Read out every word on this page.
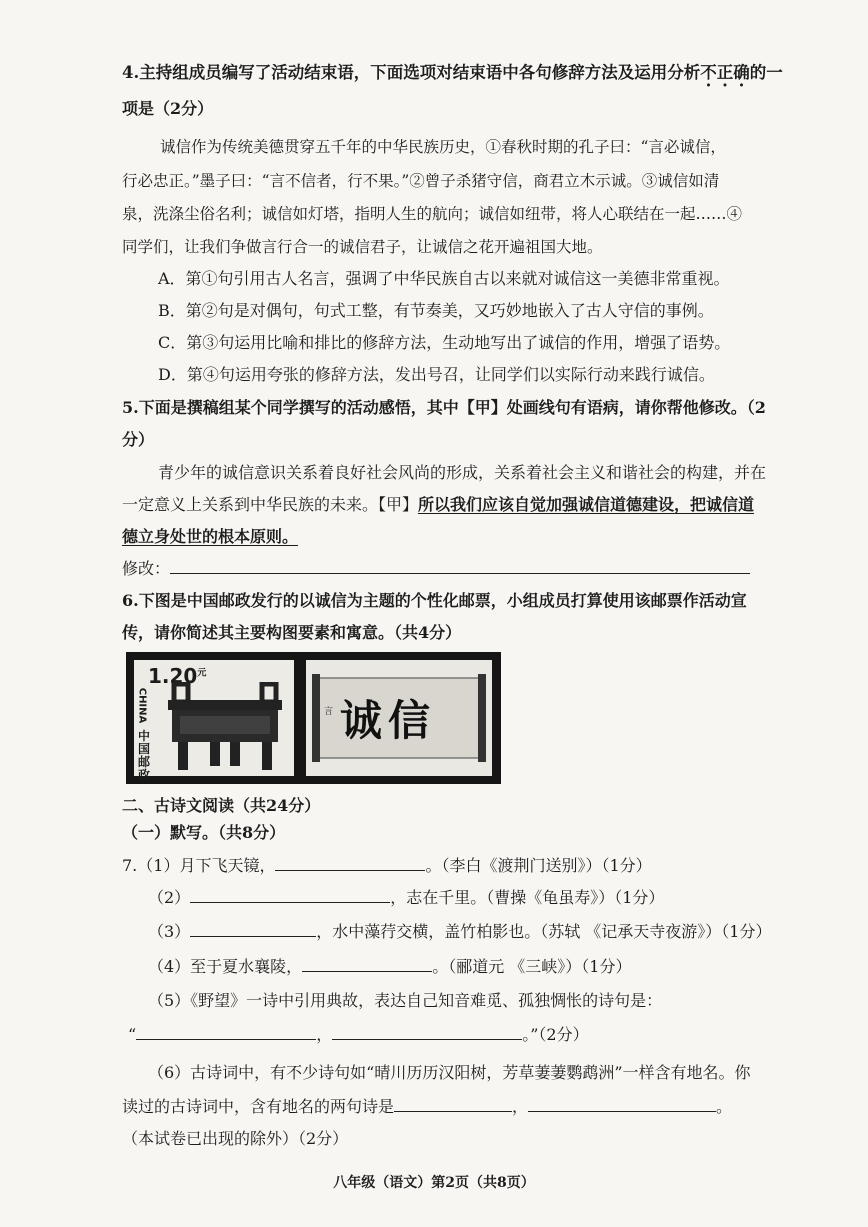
4.主持组成员编写了活动结束语，下面选项对结束语中各句修辞方法及运用分析不正确的一
项是（2分）
诚信作为传统美德贯穿五千年的中华民族历史，①春秋时期的孔子曰：“言必诚信，
行必忠正。”墨子曰：“言不信者，行不果。”②曾子杀猪守信，商君立木示诚。③诚信如清
泉，洗涤尘俗名利；诚信如灯塔，指明人生的航向；诚信如纽带，将人心联结在一起……④
同学们，让我们争做言行合一的诚信君子，让诚信之花开遍祖国大地。
A．第①句引用古人名言，强调了中华民族自古以来就对诚信这一美德非常重视。
B．第②句是对偶句，句式工整，有节奏美，又巧妙地嵌入了古人守信的事例。
C．第③句运用比喻和排比的修辞方法，生动地写出了诚信的作用，增强了语势。
D．第④句运用夸张的修辞方法，发出号召，让同学们以实际行动来践行诚信。
5.下面是撰稿组某个同学撰写的活动感悟，其中【甲】处画线句有语病，请你帮他修改。（2
分）
青少年的诚信意识关系着良好社会风尚的形成，关系着社会主义和谐社会的构建，并在
一定意义上关系到中华民族的未来。【甲】所以我们应该自觉加强诚信道德建设，把诚信道
德立身处世的根本原则。
修改：
6.下图是中国邮政发行的以诚信为主题的个性化邮票，小组成员打算使用该邮票作活动宣
传，请你简述其主要构图要素和寓意。（共4分）
$1.20^元$
CHINA
中国邮政
诚信
言
二、古诗文阅读（共24分）
（一）默写。（共8分）
7.（1）月下飞天镜，	。（李白《渡荆门送别》）（1分）
（2）	，志在千里。（曹操《龟虽寿》）（1分）
（3）	，水中藻荇交横，盖竹柏影也。（苏轼 《记承天寺夜游》）（1分）
（4）至于夏水襄陵，	。（郦道元 《三峡》）（1分）
（5）《野望》一诗中引用典故，表达自己知音难觅、孤独惆怅的诗句是：
“	，	。”（2分）
（6）古诗词中，有不少诗句如“晴川历历汉阳树，芳草萋萋鹦鹉洲”一样含有地名。你
读过的古诗词中，含有地名的两句诗是	，	。
（本试卷已出现的除外）（2分）
八年级（语文）第2页（共8页）
